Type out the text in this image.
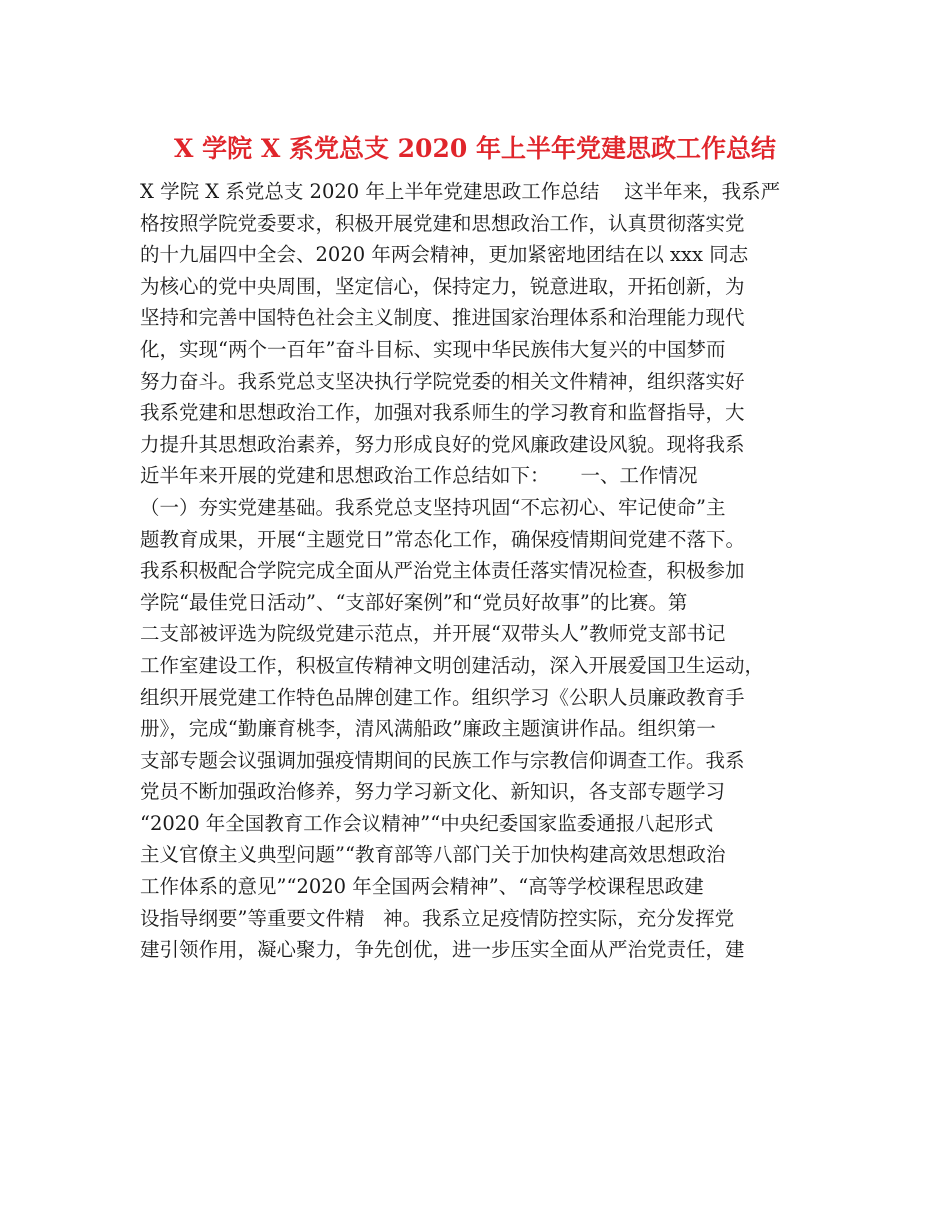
X 学院 X 系党总支 2020 年上半年党建思政工作总结
X 学院 X 系党总支 2020 年上半年党建思政工作总结    这半年来，我系严
格按照学院党委要求，积极开展党建和思想政治工作，认真贯彻落实党
的十九届四中全会、2020 年两会精神，更加紧密地团结在以 xxx 同志
为核心的党中央周围，坚定信心，保持定力，锐意进取，开拓创新，为
坚持和完善中国特色社会主义制度、推进国家治理体系和治理能力现代
化，实现“两个一百年”奋斗目标、实现中华民族伟大复兴的中国梦而
努力奋斗。我系党总支坚决执行学院党委的相关文件精神，组织落实好
我系党建和思想政治工作，加强对我系师生的学习教育和监督指导，大
力提升其思想政治素养，努力形成良好的党风廉政建设风貌。现将我系
近半年来开展的党建和思想政治工作总结如下：     一、工作情况
（一）夯实党建基础。我系党总支坚持巩固“不忘初心、牢记使命”主
题教育成果，开展“主题党日”常态化工作，确保疫情期间党建不落下。
我系积极配合学院完成全面从严治党主体责任落实情况检查，积极参加
学院“最佳党日活动”、“支部好案例”和“党员好故事”的比赛。第
二支部被评选为院级党建示范点，并开展“双带头人”教师党支部书记
工作室建设工作，积极宣传精神文明创建活动，深入开展爱国卫生运动，
组织开展党建工作特色品牌创建工作。组织学习《公职人员廉政教育手
册》，完成“勤廉育桃李，清风满船政”廉政主题演讲作品。组织第一
支部专题会议强调加强疫情期间的民族工作与宗教信仰调查工作。我系
党员不断加强政治修养，努力学习新文化、新知识，各支部专题学习
“2020 年全国教育工作会议精神”“中央纪委国家监委通报八起形式
主义官僚主义典型问题”“教育部等八部门关于加快构建高效思想政治
工作体系的意见”“2020 年全国两会精神”、“高等学校课程思政建
设指导纲要”等重要文件精   神。我系立足疫情防控实际，充分发挥党
建引领作用，凝心聚力，争先创优，进一步压实全面从严治党责任，建
